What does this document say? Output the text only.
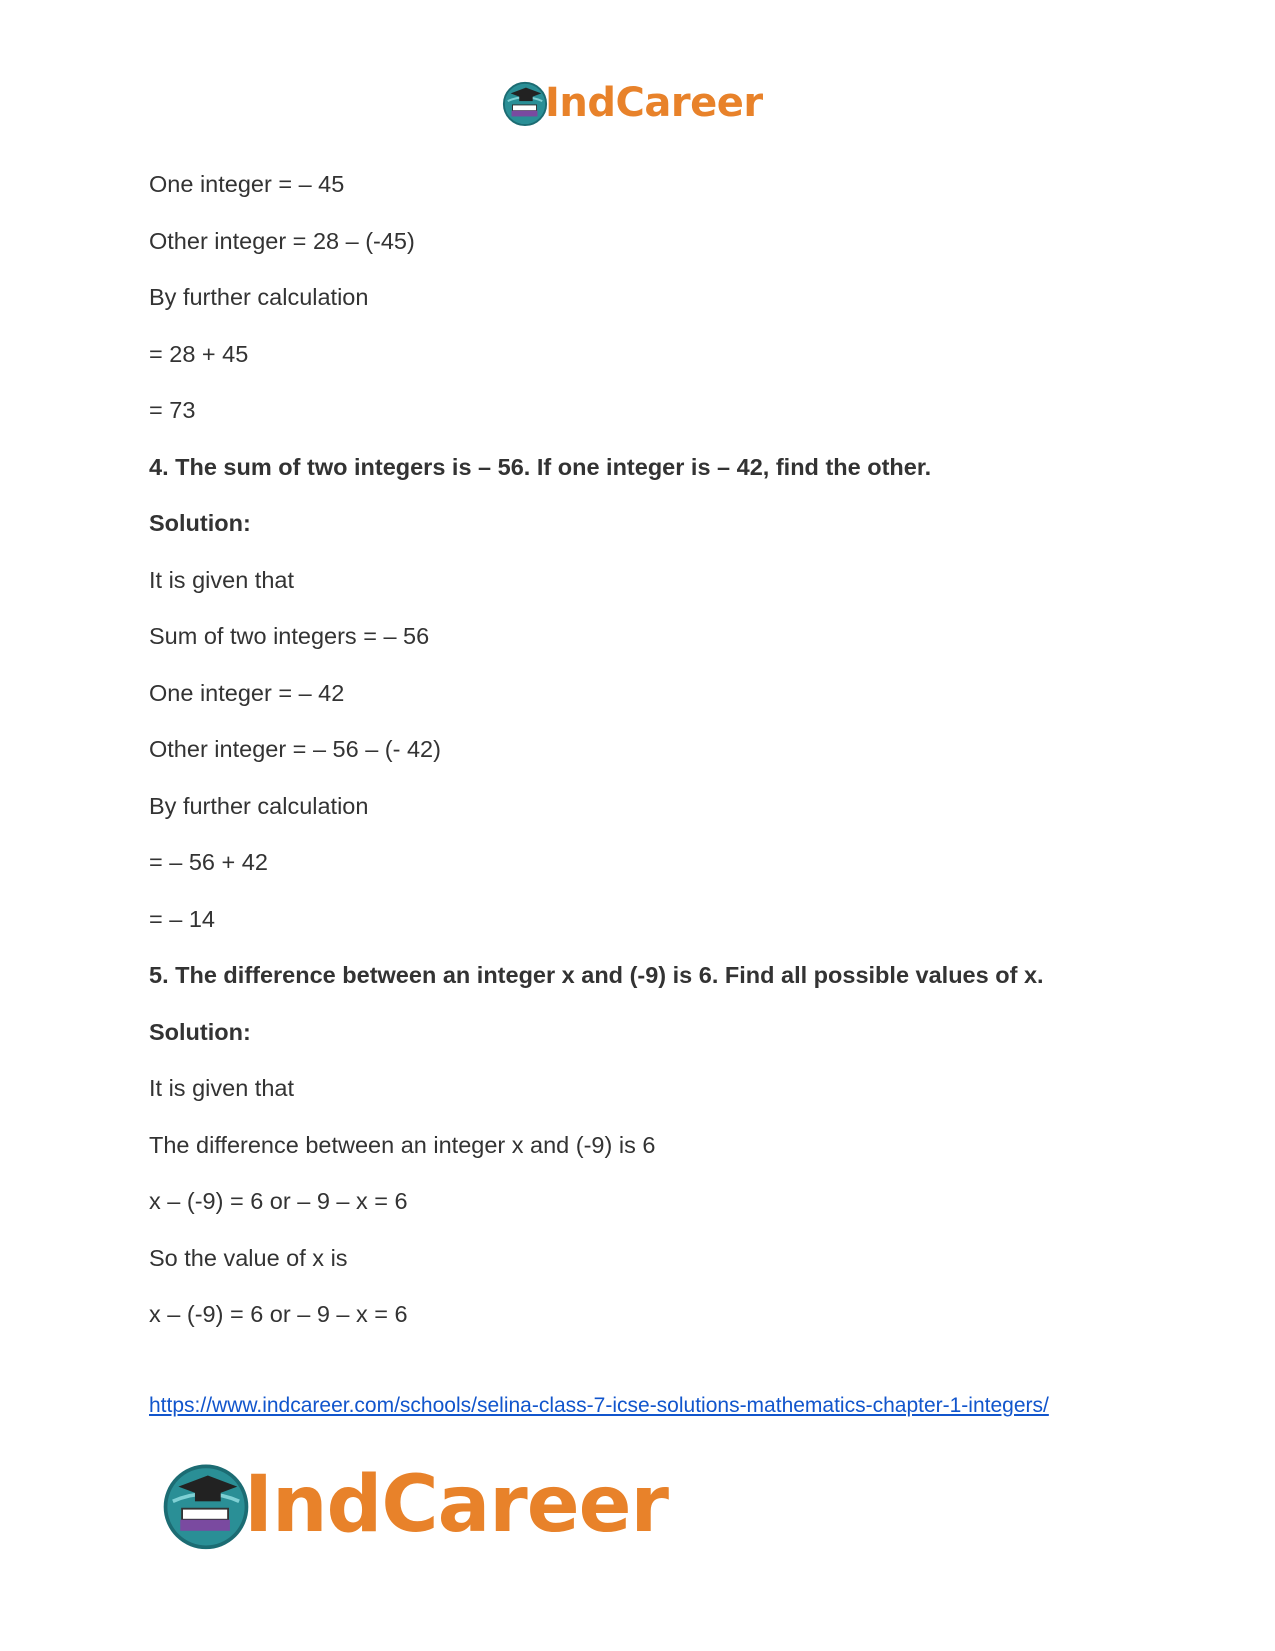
IndCareer
One integer = – 45
Other integer = 28 – (-45)
By further calculation
= 28 + 45
= 73
4. The sum of two integers is – 56. If one integer is – 42, find the other.
Solution:
It is given that
Sum of two integers = – 56
One integer = – 42
Other integer = – 56 – (- 42)
By further calculation
= – 56 + 42
= – 14
5. The difference between an integer x and (-9) is 6. Find all possible values of x.
Solution:
It is given that
The difference between an integer x and (-9) is 6
x – (-9) = 6 or – 9 – x = 6
So the value of x is
x – (-9) = 6 or – 9 – x = 6
https://www.indcareer.com/schools/selina-class-7-icse-solutions-mathematics-chapter-1-integers/
IndCareer
